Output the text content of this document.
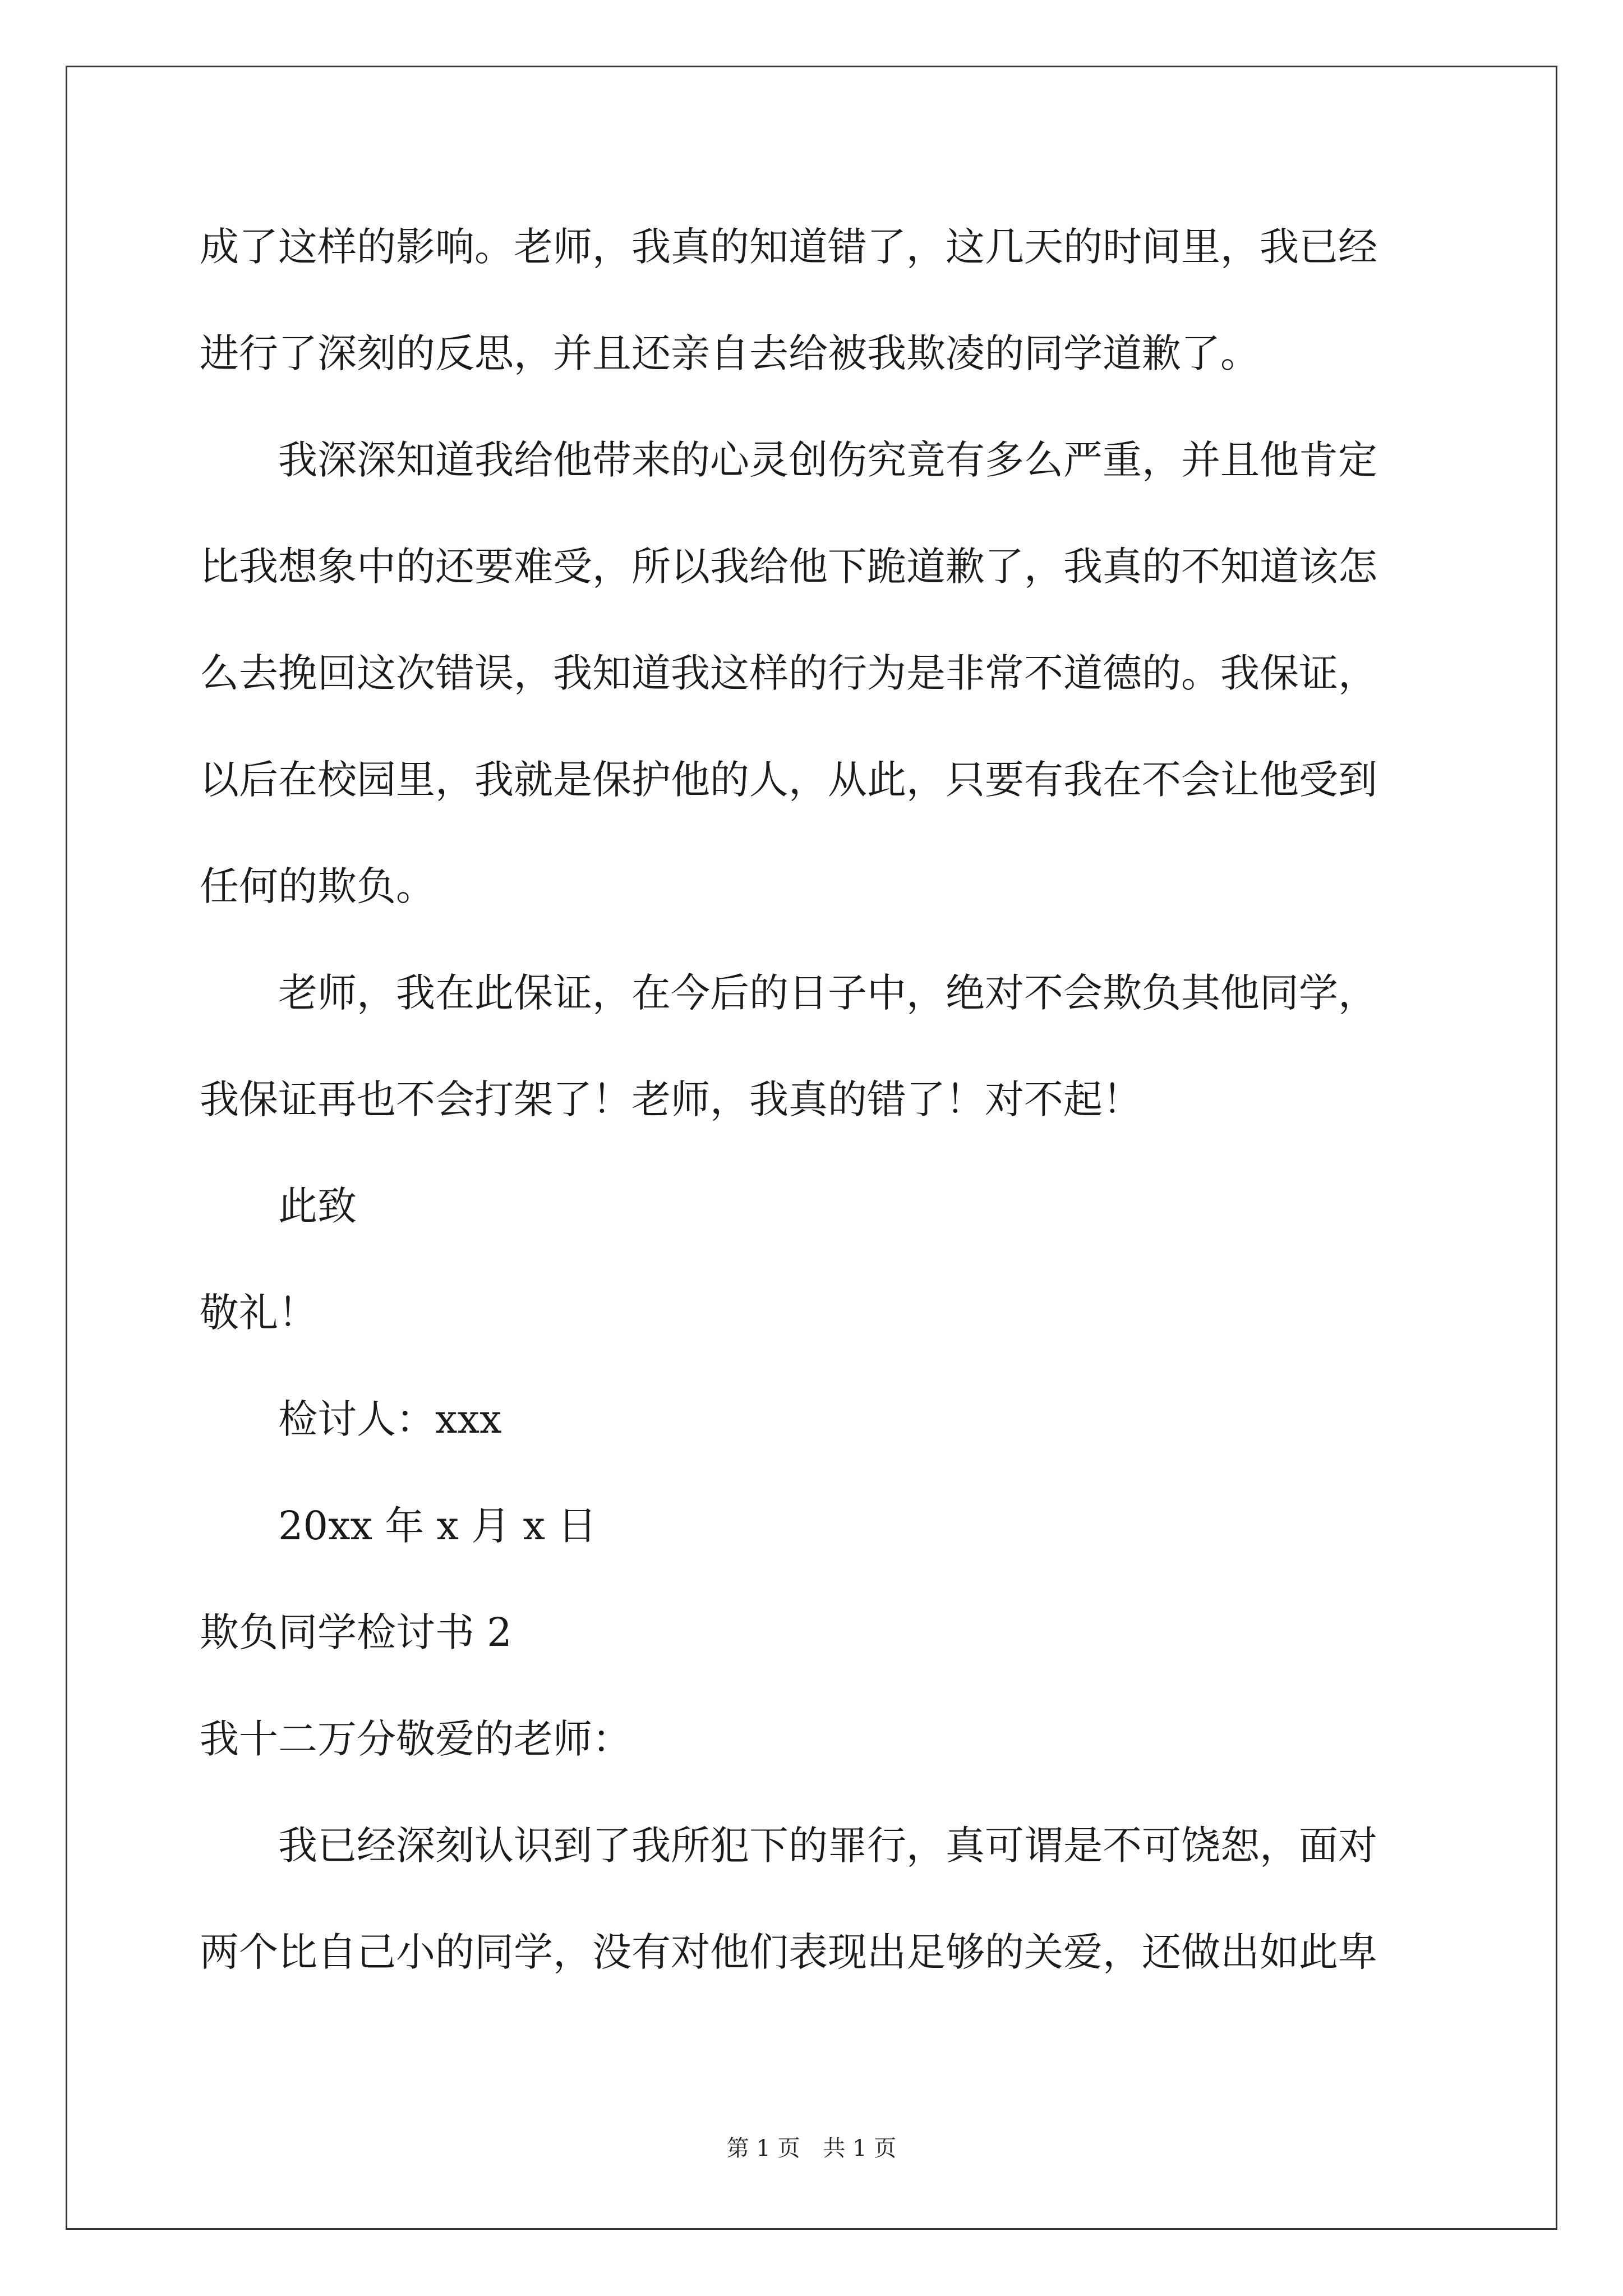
成了这样的影响。老师，我真的知道错了，这几天的时间里，我已经
进行了深刻的反思，并且还亲自去给被我欺凌的同学道歉了。
我深深知道我给他带来的心灵创伤究竟有多么严重，并且他肯定
比我想象中的还要难受，所以我给他下跪道歉了，我真的不知道该怎
么去挽回这次错误，我知道我这样的行为是非常不道德的。我保证，
以后在校园里，我就是保护他的人，从此，只要有我在不会让他受到
任何的欺负。
老师，我在此保证，在今后的日子中，绝对不会欺负其他同学，
我保证再也不会打架了！老师，我真的错了！对不起！
此致
敬礼！
检讨人：xxx
20xx 年 x 月 x 日
欺负同学检讨书 2
我十二万分敬爱的老师：
我已经深刻认识到了我所犯下的罪行，真可谓是不可饶恕，面对
两个比自己小的同学，没有对他们表现出足够的关爱，还做出如此卑
第 1 页 共 1 页
